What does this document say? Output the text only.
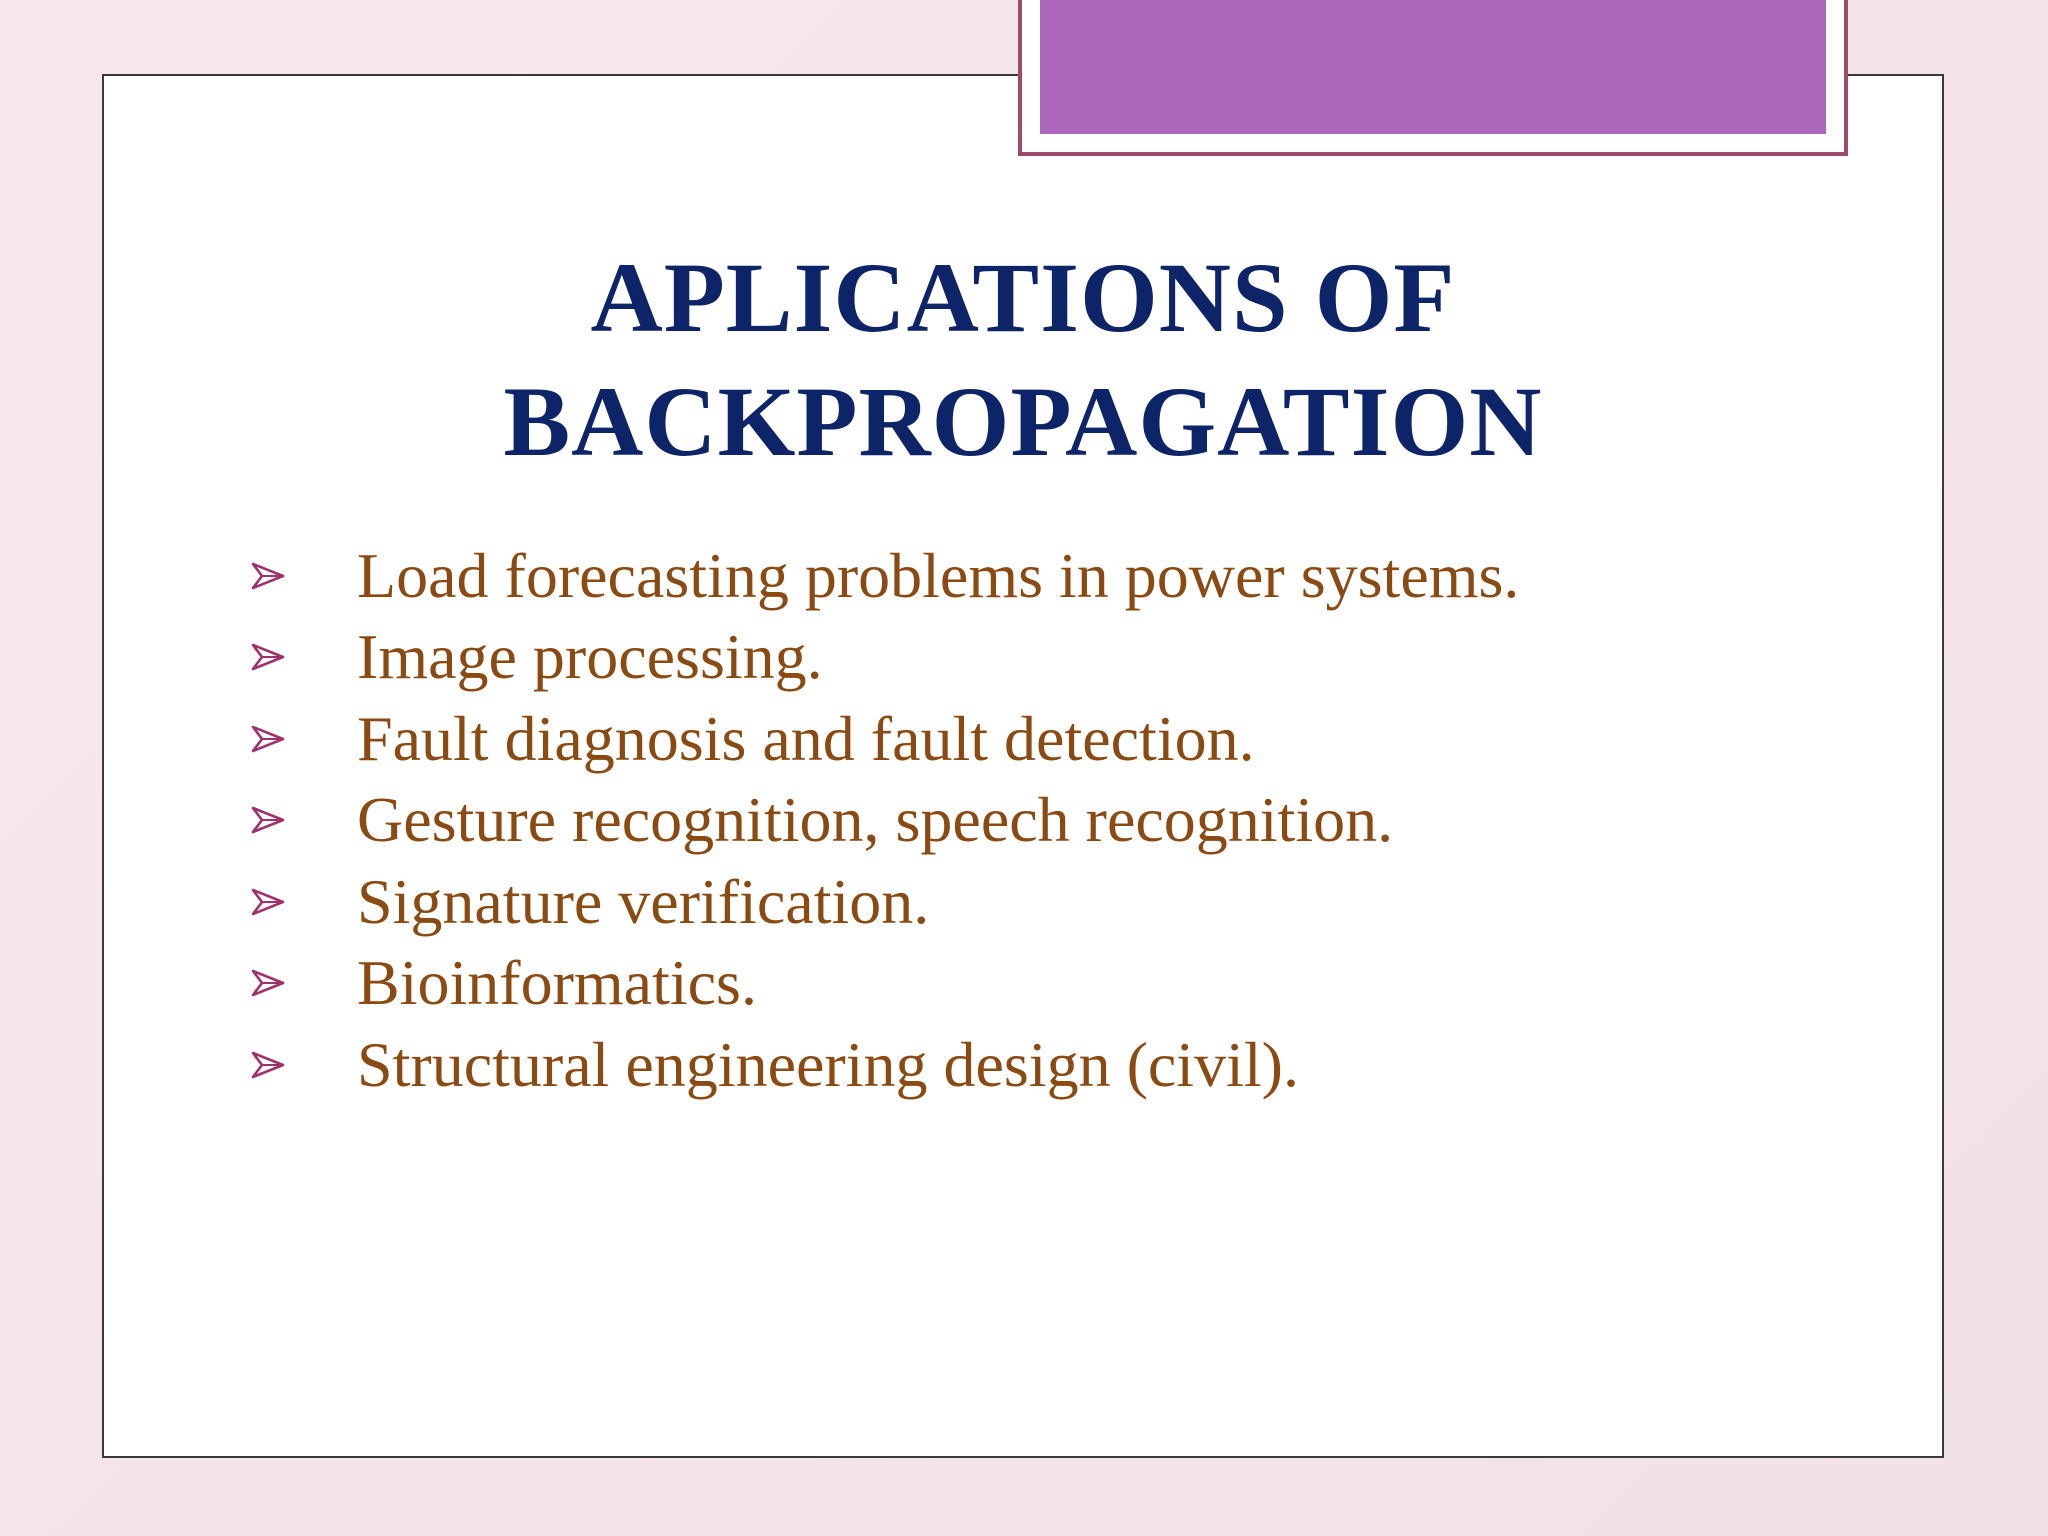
APLICATIONS OF
BACKPROPAGATION
Load forecasting problems in power systems.
Image processing.
Fault diagnosis and fault detection.
Gesture recognition, speech recognition.
Signature verification.
Bioinformatics.
Structural engineering design (civil).
